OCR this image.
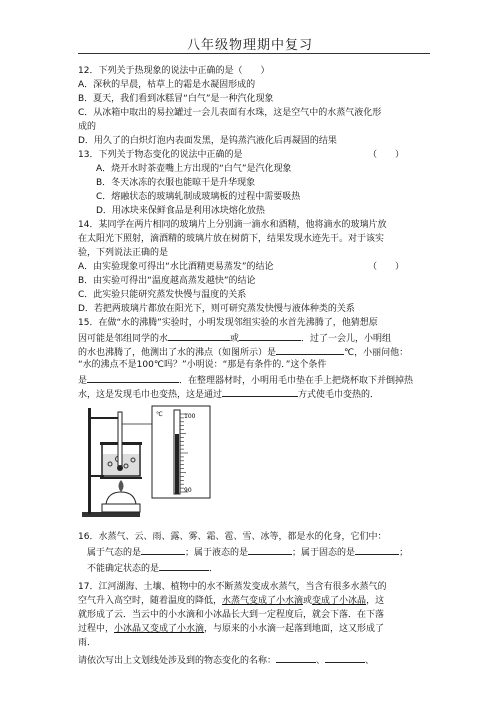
八年级物理期中复习
12．下列关于热现象的说法中正确的是（　　）
A．深秋的早晨，枯草上的霜是水凝固形成的
B．夏天，我们看到冰糕冒“白气”是一种汽化现象
C．从冰箱中取出的易拉罐过一会儿表面有水珠，这是空气中的水蒸气液化形
成的
D．用久了的白炽灯泡内表面发黑，是钨蒸汽液化后再凝固的结果
13．下列关于物态变化的说法中正确的是	（　　）
A．烧开水时茶壶嘴上方出现的“白气”是汽化现象
B．冬天冰冻的衣服也能晾干是升华现象
C．熔融状态的玻璃轧制成玻璃板的过程中需要吸热
D．用冰块来保鲜食品是利用冰块熔化放热
14．某同学在两片相同的玻璃片上分别滴一滴水和酒精，他将滴水的玻璃片放
在太阳光下照射，滴酒精的玻璃片放在树荫下，结果发现水迹先干。对于该实
验，下列说法正确的是
A．由实验现象可得出“水比酒精更易蒸发”的结论	（　　）
B．由实验可得出“温度越高蒸发越快”的结论
C．此实验只能研究蒸发快慢与温度的关系
D．若把两玻璃片都放在阳光下，则可研究蒸发快慢与液体种类的关系
15．在做“水的沸腾”实验时，小明发现邻组实验的水首先沸腾了，他猜想原
因可能是邻组同学的水	或	．过了一会儿，小明组
的水也沸腾了，他测出了水的沸点（如图所示）是	℃，小丽问他：
“水的沸点不是100℃吗？”小明说：“那是有条件的．”这个条件
是	．在整理器材时，小明用毛巾垫在手上把烧杯取下并倒掉热
水，这是发现毛巾也变热，这是通过	方式使毛巾变热的．
100
90
℃
16．水蒸气、云、雨、露、雾、霜、雹、雪、冰等，都是水的化身，它们中：
　属于气态的是	；属于液态的是	；属于固态的是	；
　不能确定状态的是	．
17．江河湖海、土壤、植物中的水不断蒸发变成水蒸气，当含有很多水蒸气的
空气升入高空时，随着温度的降低，水蒸气变成了小水滴或变成了小冰晶，这
就形成了云．当云中的小水滴和小冰晶长大到一定程度后，就会下落．在下落
过程中，小冰晶又变成了小水滴，与原来的小水滴一起落到地面，这又形成了
雨．
请依次写出上文划线处涉及到的物态变化的名称：	、	、
